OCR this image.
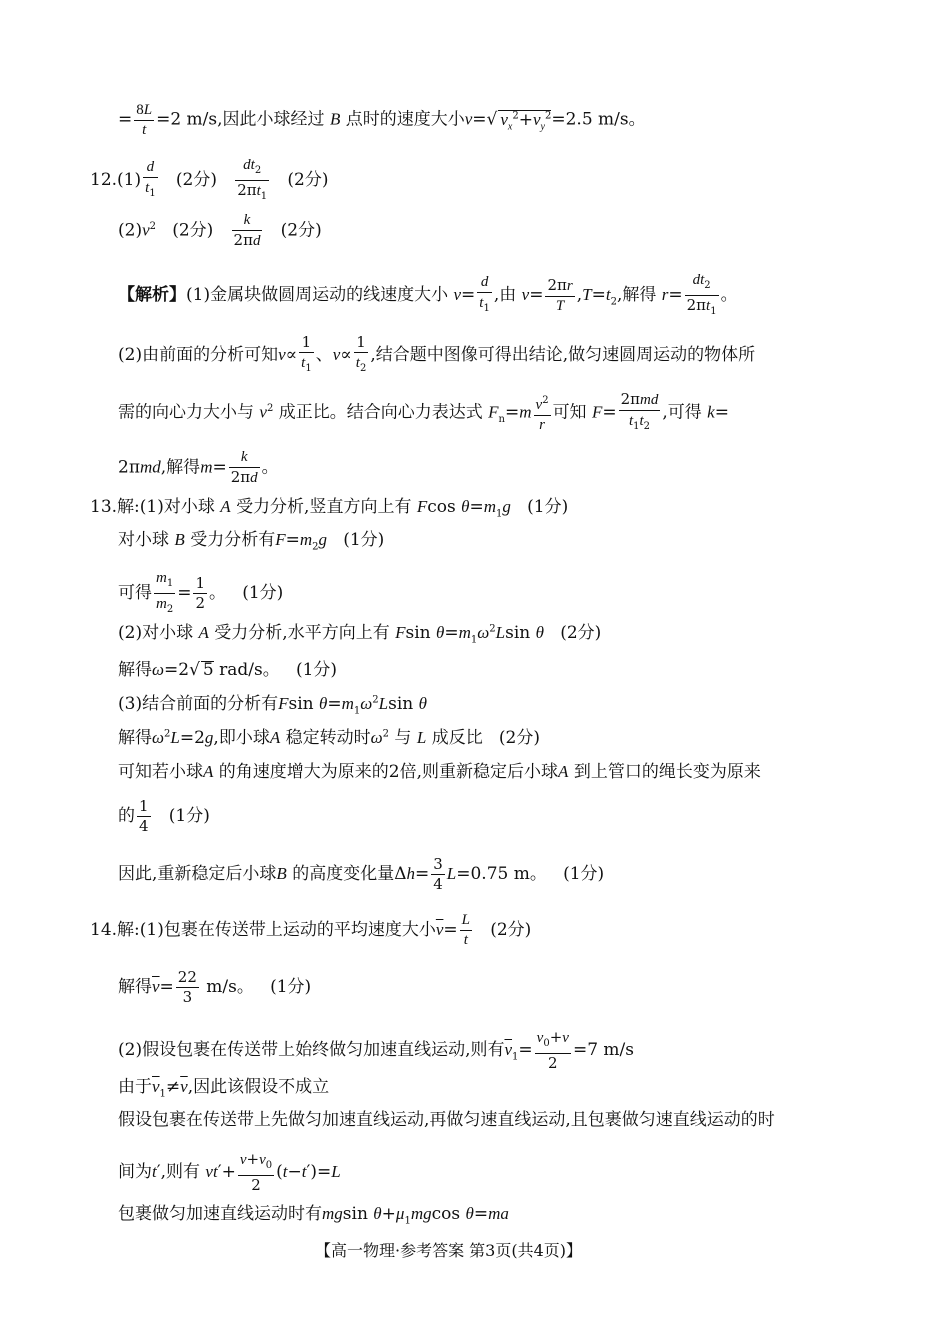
= $\frac{8L}{t} =2$ m/s,因此小球经过 B 点时的速度大小v=√ $v_x^2+v_y^2=2.5$ m/s。
$12.(1) \frac{d}{t_1} (2$分) $\frac{dt_2}{2\pi t_1} (2$分)
$(2)v^2$ (2分) $\frac{k}{2\pi d} (2$分)
【解析】(1)金属块做圆周运动的线速度大小 $v= \frac{d}{t_1}$ ,由 $v= \frac{2\pi r}{T} ,T=t_2$,解得 $r= \frac{dt_2}{2\pi t_1}$ 。
(2)由前面的分析可知$v\propto \frac{1}{t_1}$ 、$v\propto \frac{1}{t_2}$ ,结合题中图像可得出结论,做匀速圆周运动的物体所
需的向心力大小与 $v^2$ 成正比。结合向心力表达式 $F_n=m \frac{v^2}{r}$ 可知 $F= \frac{\text{2πmd}}{t_1t_2}$ ,可得 k=
2πmd,解得$m= \frac{k}{2\pi d}$ 。
13.解:(1)对小球 A 受力分析,竖直方向上有 Fcos $\theta=m_1g$ (1分)
对小球 B 受力分析有$F=m_2g$ (1分)
可得 $\frac{m_1}{m_2} = \frac{1}{2}$ 。 (1分)
(2)对小球 A 受力分析,水平方向上有 Fsin $\theta=m_1\omega^2Lsin$ θ (2分)
解得ω=2√ 5 rad/s。 (1分)
(3)结合前面的分析有Fsin $\theta=m_1\omega^2Lsin$ θ
解得$\omega^2L=2g$,即小球A 稳定转动时$\omega^2$ 与 L 成反比 (2分)
可知若小球A 的角速度增大为原来的2倍,则重新稳定后小球A 到上管口的绳长变为原来
的 $\frac{1}{4} (1$分)
因此,重新稳定后小球B 的高度变化量$\Delta h= \frac{3}{4} L=0.75$ m。 (1分)
14.解:(1)包裹在传送带上运动的平均速度大小$\overline{v}= \frac{L}{t} (2$分)
解得$\overline{v}= \frac{22}{3} m/s$。 (1分)
(2)假设包裹在传送带上始终做匀加速直线运动,则有$\overline{v}_1= \frac{v_0+v}{2} =7$ m/s
由于$\overline{v}_1\ne\overline{v}$,因此该假设不成立
假设包裹在传送带上先做匀加速直线运动,再做匀速直线运动,且包裹做匀速直线运动的时
间为t′,则有 $vt'+ \frac{v+v_0}{2} (t-t')=L$
包裹做匀加速直线运动时有mgsin $\theta+\mu_1mgcos$ θ=ma
【高一物理·参考答案 第3页(共4页)】
